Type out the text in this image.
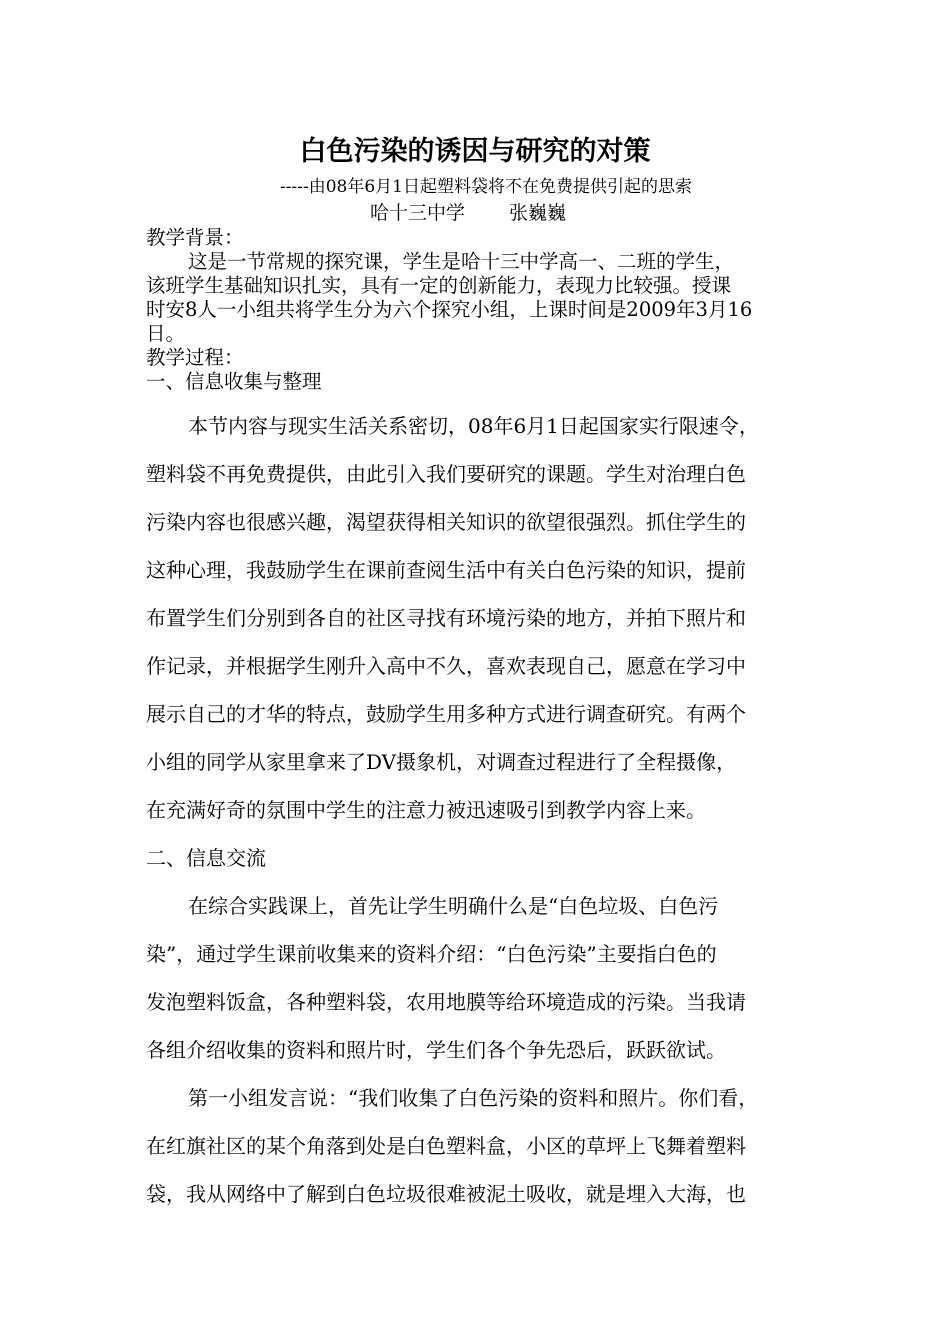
白色污染的诱因与研究的对策
-----由08年6月1日起塑料袋将不在免费提供引起的思索
哈十三中学 张巍巍
教学背景：
这是一节常规的探究课，学生是哈十三中学高一、二班的学生，
该班学生基础知识扎实，具有一定的创新能力，表现力比较强。授课
时安8人一小组共将学生分为六个探究小组，上课时间是2009年3月16
日。
教学过程：
一、信息收集与整理
本节内容与现实生活关系密切，08年6月1日起国家实行限速令，
塑料袋不再免费提供，由此引入我们要研究的课题。学生对治理白色
污染内容也很感兴趣，渴望获得相关知识的欲望很强烈。抓住学生的
这种心理，我鼓励学生在课前查阅生活中有关白色污染的知识，提前
布置学生们分别到各自的社区寻找有环境污染的地方，并拍下照片和
作记录，并根据学生刚升入高中不久，喜欢表现自己，愿意在学习中
展示自己的才华的特点，鼓励学生用多种方式进行调查研究。有两个
小组的同学从家里拿来了DV摄象机，对调查过程进行了全程摄像，
在充满好奇的氛围中学生的注意力被迅速吸引到教学内容上来。
二、信息交流
在综合实践课上，首先让学生明确什么是“白色垃圾、白色污
染”，通过学生课前收集来的资料介绍：“白色污染”主要指白色的
发泡塑料饭盒，各种塑料袋，农用地膜等给环境造成的污染。当我请
各组介绍收集的资料和照片时，学生们各个争先恐后，跃跃欲试。
第一小组发言说：“我们收集了白色污染的资料和照片。你们看，
在红旗社区的某个角落到处是白色塑料盒，小区的草坪上飞舞着塑料
袋，我从网络中了解到白色垃圾很难被泥土吸收，就是埋入大海，也
